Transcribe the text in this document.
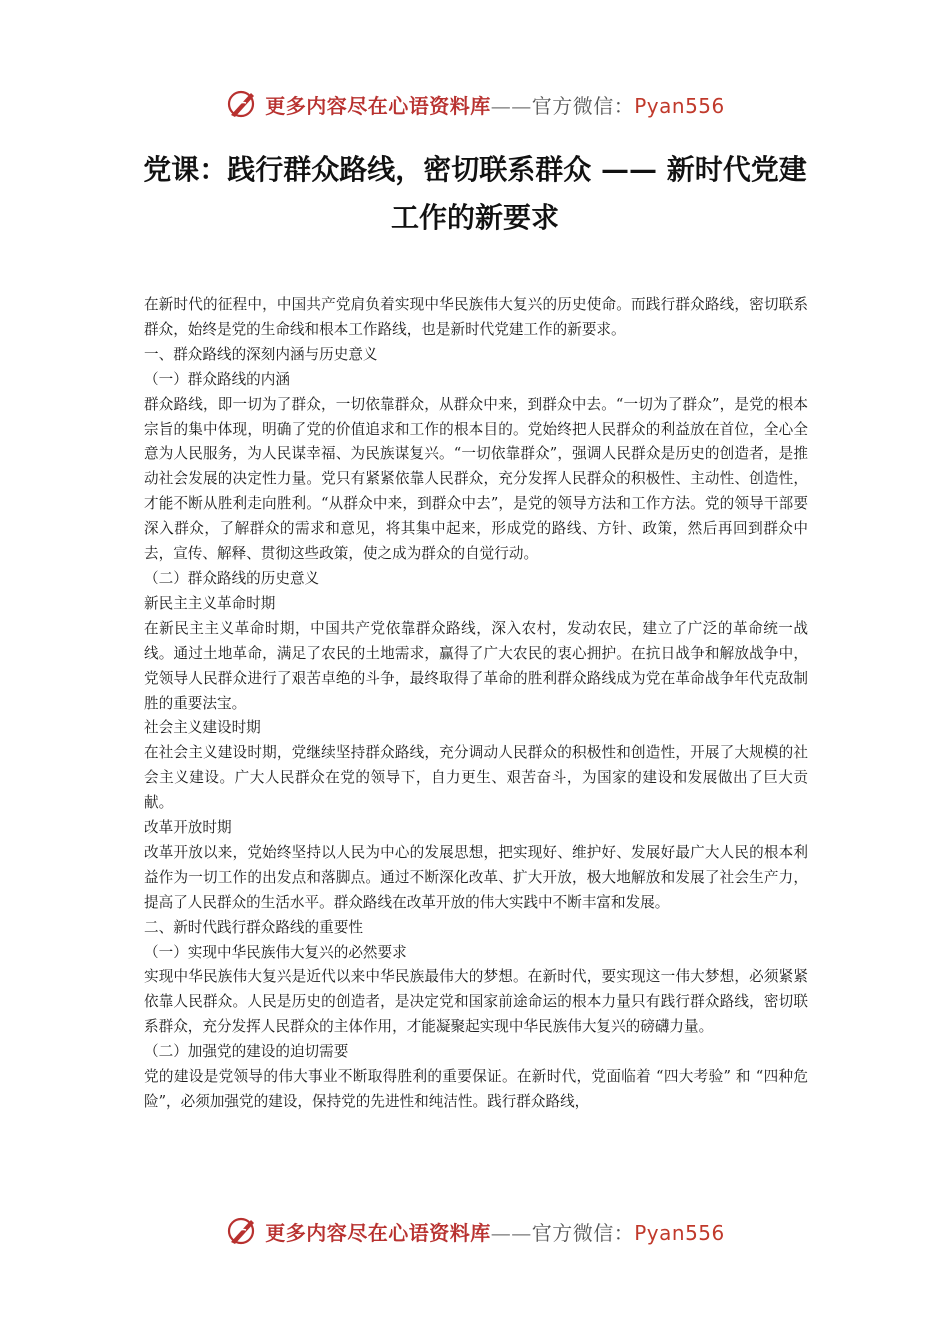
更多内容尽在心语资料库——官方微信：Pyan556
党课：践行群众路线，密切联系群众 —— 新时代党建工作的新要求

在新时代的征程中，中国共产党肩负着实现中华民族伟大复兴的历史使命。而践行群众路线，密切联系群众，始终是党的生命线和根本工作路线，也是新时代党建工作的新要求。

一、群众路线的深刻内涵与历史意义

（一）群众路线的内涵

群众路线，即一切为了群众，一切依靠群众，从群众中来，到群众中去。“一切为了群众”，是党的根本宗旨的集中体现，明确了党的价值追求和工作的根本目的。党始终把人民群众的利益放在首位，全心全意为人民服务，为人民谋幸福、为民族谋复兴。“一切依靠群众”，强调人民群众是历史的创造者，是推动社会发展的决定性力量。党只有紧紧依靠人民群众，充分发挥人民群众的积极性、主动性、创造性，才能不断从胜利走向胜利。“从群众中来，到群众中去”，是党的领导方法和工作方法。党的领导干部要深入群众，了解群众的需求和意见，将其集中起来，形成党的路线、方针、政策，然后再回到群众中去，宣传、解释、贯彻这些政策，使之成为群众的自觉行动。

（二）群众路线的历史意义

新民主主义革命时期

在新民主主义革命时期，中国共产党依靠群众路线，深入农村，发动农民，建立了广泛的革命统一战线。通过土地革命，满足了农民的土地需求，赢得了广大农民的衷心拥护。在抗日战争和解放战争中，党领导人民群众进行了艰苦卓绝的斗争，最终取得了革命的胜利群众路线成为党在革命战争年代克敌制胜的重要法宝。

社会主义建设时期

在社会主义建设时期，党继续坚持群众路线，充分调动人民群众的积极性和创造性，开展了大规模的社会主义建设。广大人民群众在党的领导下，自力更生、艰苦奋斗，为国家的建设和发展做出了巨大贡献。

改革开放时期

改革开放以来，党始终坚持以人民为中心的发展思想，把实现好、维护好、发展好最广大人民的根本利益作为一切工作的出发点和落脚点。通过不断深化改革、扩大开放，极大地解放和发展了社会生产力，提高了人民群众的生活水平。群众路线在改革开放的伟大实践中不断丰富和发展。

二、新时代践行群众路线的重要性

（一）实现中华民族伟大复兴的必然要求

实现中华民族伟大复兴是近代以来中华民族最伟大的梦想。在新时代，要实现这一伟大梦想，必须紧紧依靠人民群众。人民是历史的创造者，是决定党和国家前途命运的根本力量只有践行群众路线，密切联系群众，充分发挥人民群众的主体作用，才能凝聚起实现中华民族伟大复兴的磅礴力量。

（二）加强党的建设的迫切需要

党的建设是党领导的伟大事业不断取得胜利的重要保证。在新时代，党面临着 “四大考验” 和 “四种危险”，必须加强党的建设，保持党的先进性和纯洁性。践行群众路线，

更多内容尽在心语资料库——官方微信：Pyan556
